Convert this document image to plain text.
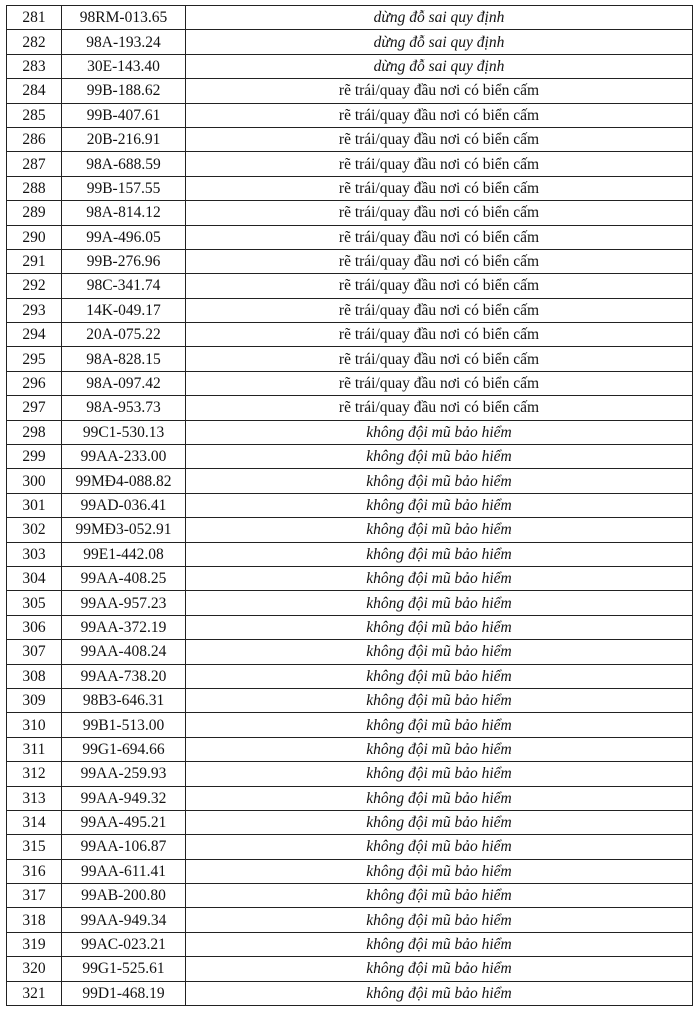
281	98RM-013.65	dừng đỗ sai quy định
282	98A-193.24	dừng đỗ sai quy định
283	30E-143.40	dừng đỗ sai quy định
284	99B-188.62	rẽ trái/quay đầu nơi có biển cấm
285	99B-407.61	rẽ trái/quay đầu nơi có biển cấm
286	20B-216.91	rẽ trái/quay đầu nơi có biển cấm
287	98A-688.59	rẽ trái/quay đầu nơi có biển cấm
288	99B-157.55	rẽ trái/quay đầu nơi có biển cấm
289	98A-814.12	rẽ trái/quay đầu nơi có biển cấm
290	99A-496.05	rẽ trái/quay đầu nơi có biển cấm
291	99B-276.96	rẽ trái/quay đầu nơi có biển cấm
292	98C-341.74	rẽ trái/quay đầu nơi có biển cấm
293	14K-049.17	rẽ trái/quay đầu nơi có biển cấm
294	20A-075.22	rẽ trái/quay đầu nơi có biển cấm
295	98A-828.15	rẽ trái/quay đầu nơi có biển cấm
296	98A-097.42	rẽ trái/quay đầu nơi có biển cấm
297	98A-953.73	rẽ trái/quay đầu nơi có biển cấm
298	99C1-530.13	không đội mũ bảo hiểm
299	99AA-233.00	không đội mũ bảo hiểm
300	99MĐ4-088.82	không đội mũ bảo hiểm
301	99AD-036.41	không đội mũ bảo hiểm
302	99MĐ3-052.91	không đội mũ bảo hiểm
303	99E1-442.08	không đội mũ bảo hiểm
304	99AA-408.25	không đội mũ bảo hiểm
305	99AA-957.23	không đội mũ bảo hiểm
306	99AA-372.19	không đội mũ bảo hiểm
307	99AA-408.24	không đội mũ bảo hiểm
308	99AA-738.20	không đội mũ bảo hiểm
309	98B3-646.31	không đội mũ bảo hiểm
310	99B1-513.00	không đội mũ bảo hiểm
311	99G1-694.66	không đội mũ bảo hiểm
312	99AA-259.93	không đội mũ bảo hiểm
313	99AA-949.32	không đội mũ bảo hiểm
314	99AA-495.21	không đội mũ bảo hiểm
315	99AA-106.87	không đội mũ bảo hiểm
316	99AA-611.41	không đội mũ bảo hiểm
317	99AB-200.80	không đội mũ bảo hiểm
318	99AA-949.34	không đội mũ bảo hiểm
319	99AC-023.21	không đội mũ bảo hiểm
320	99G1-525.61	không đội mũ bảo hiểm
321	99D1-468.19	không đội mũ bảo hiểm
